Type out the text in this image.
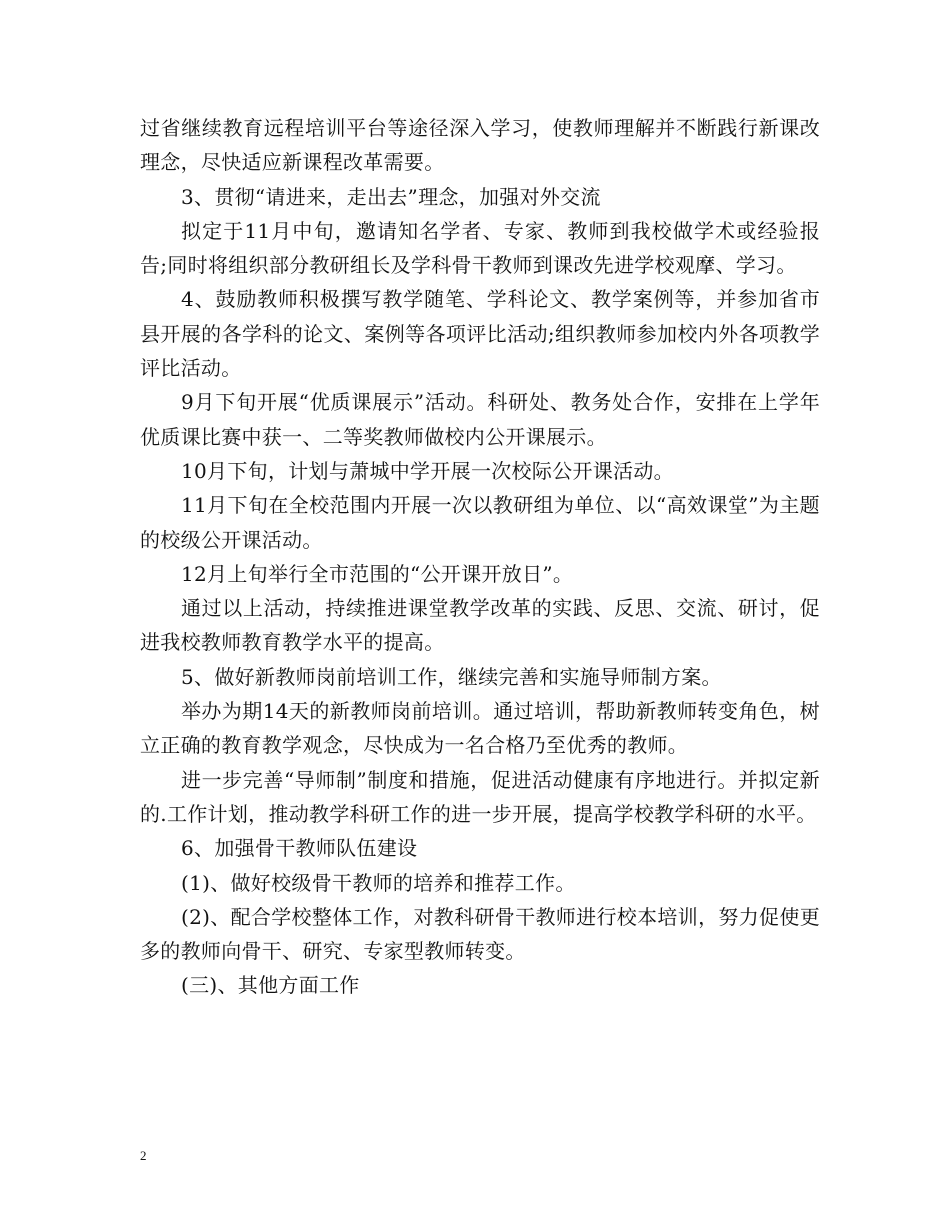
过省继续教育远程培训平台等途径深入学习，使教师理解并不断践行新课改理念，尽快适应新课程改革需要。

3、贯彻“请进来，走出去”理念，加强对外交流

拟定于11月中旬，邀请知名学者、专家、教师到我校做学术或经验报告;同时将组织部分教研组长及学科骨干教师到课改先进学校观摩、学习。

4、鼓励教师积极撰写教学随笔、学科论文、教学案例等，并参加省市县开展的各学科的论文、案例等各项评比活动;组织教师参加校内外各项教学评比活动。

9月下旬开展“优质课展示”活动。科研处、教务处合作，安排在上学年优质课比赛中获一、二等奖教师做校内公开课展示。

10月下旬，计划与萧城中学开展一次校际公开课活动。

11月下旬在全校范围内开展一次以教研组为单位、以“高效课堂”为主题的校级公开课活动。

12月上旬举行全市范围的“公开课开放日”。

通过以上活动，持续推进课堂教学改革的实践、反思、交流、研讨，促进我校教师教育教学水平的提高。

5、做好新教师岗前培训工作，继续完善和实施导师制方案。

举办为期14天的新教师岗前培训。通过培训，帮助新教师转变角色，树立正确的教育教学观念，尽快成为一名合格乃至优秀的教师。

进一步完善“导师制”制度和措施，促进活动健康有序地进行。并拟定新的.工作计划，推动教学科研工作的进一步开展，提高学校教学科研的水平。

6、加强骨干教师队伍建设

(1)、做好校级骨干教师的培养和推荐工作。

(2)、配合学校整体工作，对教科研骨干教师进行校本培训，努力促使更多的教师向骨干、研究、专家型教师转变。

(三)、其他方面工作

2
